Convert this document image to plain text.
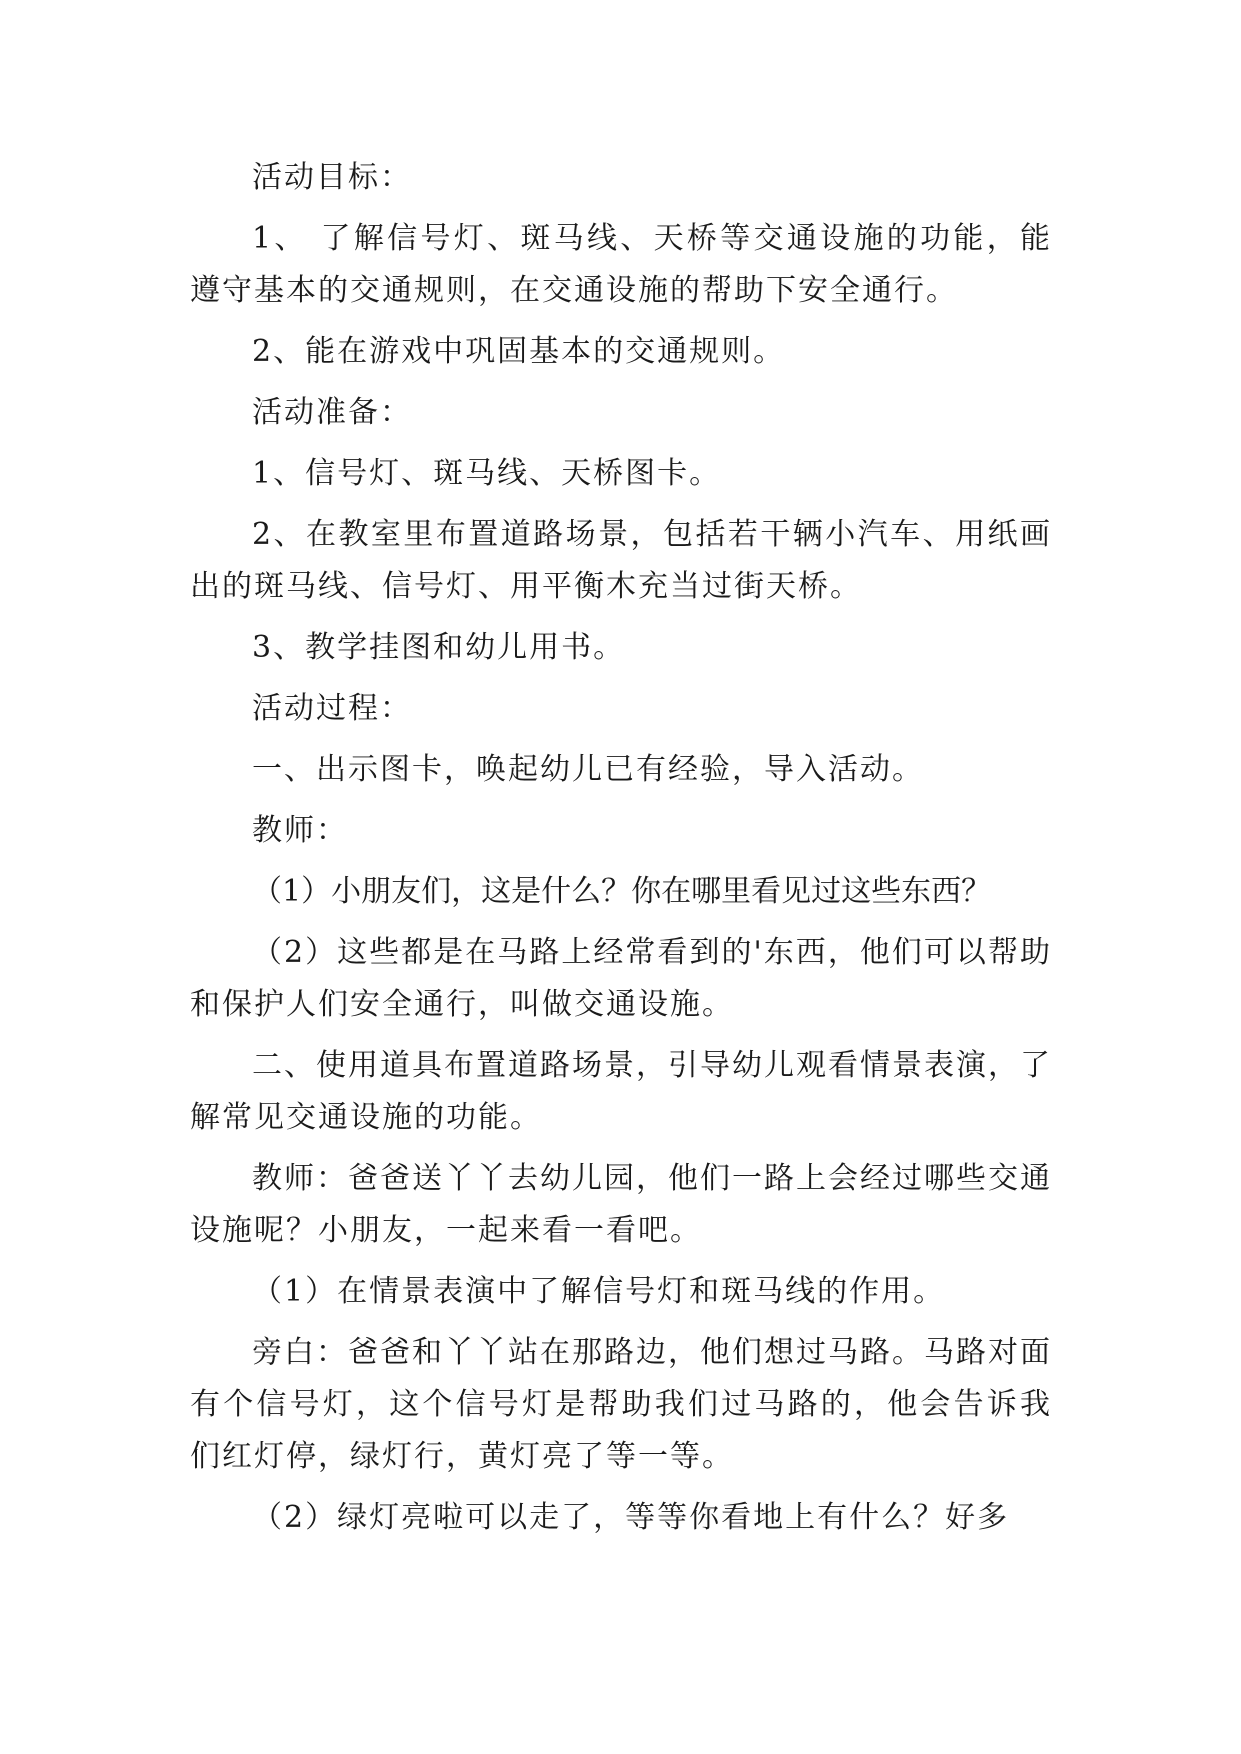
活动目标：

1、 了解信号灯、斑马线、天桥等交通设施的功能，能遵守基本的交通规则，在交通设施的帮助下安全通行。

2、能在游戏中巩固基本的交通规则。

活动准备：

1、信号灯、斑马线、天桥图卡。

2、在教室里布置道路场景，包括若干辆小汽车、用纸画出的斑马线、信号灯、用平衡木充当过街天桥。

3、教学挂图和幼儿用书。

活动过程：

一、出示图卡，唤起幼儿已有经验，导入活动。

教师：

（1）小朋友们，这是什么？你在哪里看见过这些东西？

（2）这些都是在马路上经常看到的'东西，他们可以帮助和保护人们安全通行，叫做交通设施。

二、使用道具布置道路场景，引导幼儿观看情景表演，了解常见交通设施的功能。

教师：爸爸送丫丫去幼儿园，他们一路上会经过哪些交通设施呢？小朋友，一起来看一看吧。

（1）在情景表演中了解信号灯和斑马线的作用。

旁白：爸爸和丫丫站在那路边，他们想过马路。马路对面有个信号灯，这个信号灯是帮助我们过马路的，他会告诉我们红灯停，绿灯行，黄灯亮了等一等。

（2）绿灯亮啦可以走了，等等你看地上有什么？好多
